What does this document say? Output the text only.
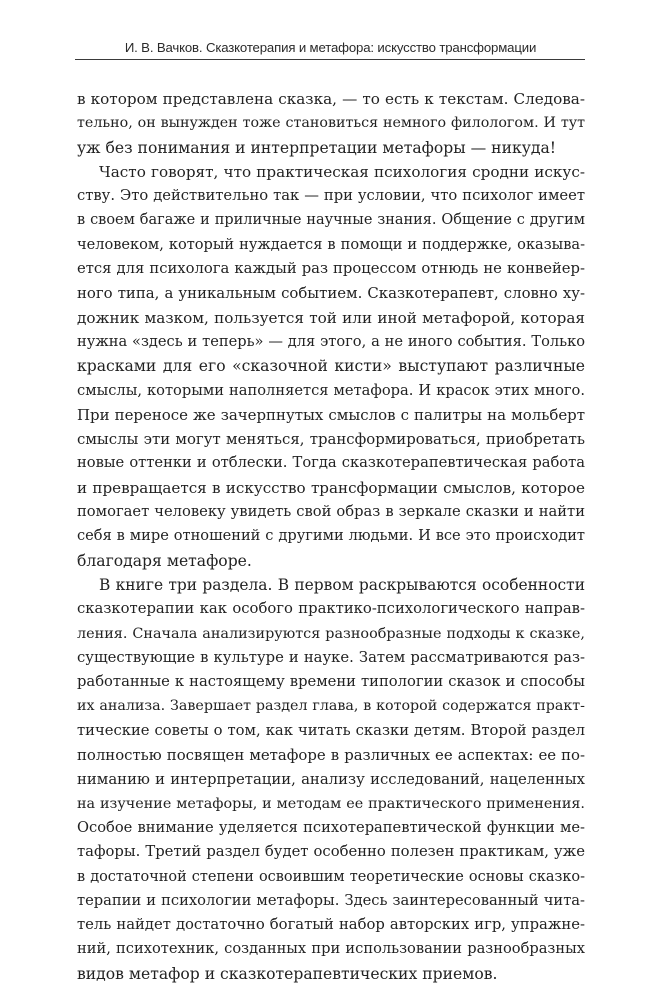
И. В. Вачков. Сказкотерапия и метафора: искусство трансформации
в котором представлена сказка, — то есть к текстам. Следова-
тельно, он вынужден тоже становиться немного филологом. И тут
уж без понимания и интерпретации метафоры — никуда!
Часто говорят, что практическая психология сродни искус-
ству. Это действительно так — при условии, что психолог имеет
в своем багаже и приличные научные знания. Общение с другим
человеком, который нуждается в помощи и поддержке, оказыва-
ется для психолога каждый раз процессом отнюдь не конвейер-
ного типа, а уникальным событием. Сказкотерапевт, словно ху-
дожник мазком, пользуется той или иной метафорой, которая
нужна «здесь и теперь» — для этого, а не иного события. Только
красками для его «сказочной кисти» выступают различные
смыслы, которыми наполняется метафора. И красок этих много.
При переносе же зачерпнутых смыслов с палитры на мольберт
смыслы эти могут меняться, трансформироваться, приобретать
новые оттенки и отблески. Тогда сказкотерапевтическая работа
и превращается в искусство трансформации смыслов, которое
помогает человеку увидеть свой образ в зеркале сказки и найти
себя в мире отношений с другими людьми. И все это происходит
благодаря метафоре.
В книге три раздела. В первом раскрываются особенности
сказкотерапии как особого практико-психологического направ-
ления. Сначала анализируются разнообразные подходы к сказке,
существующие в культуре и науке. Затем рассматриваются раз-
работанные к настоящему времени типологии сказок и способы
их анализа. Завершает раздел глава, в которой содержатся практ-
тические советы о том, как читать сказки детям. Второй раздел
полностью посвящен метафоре в различных ее аспектах: ее по-
ниманию и интерпретации, анализу исследований, нацеленных
на изучение метафоры, и методам ее практического применения.
Особое внимание уделяется психотерапевтической функции ме-
тафоры. Третий раздел будет особенно полезен практикам, уже
в достаточной степени освоившим теоретические основы сказко-
терапии и психологии метафоры. Здесь заинтересованный читa-
тель найдет достаточно богатый набор авторских игр, упражне-
ний, психотехник, созданных при использовании разнообразных
видов метафор и сказкотерапевтических приемов.
